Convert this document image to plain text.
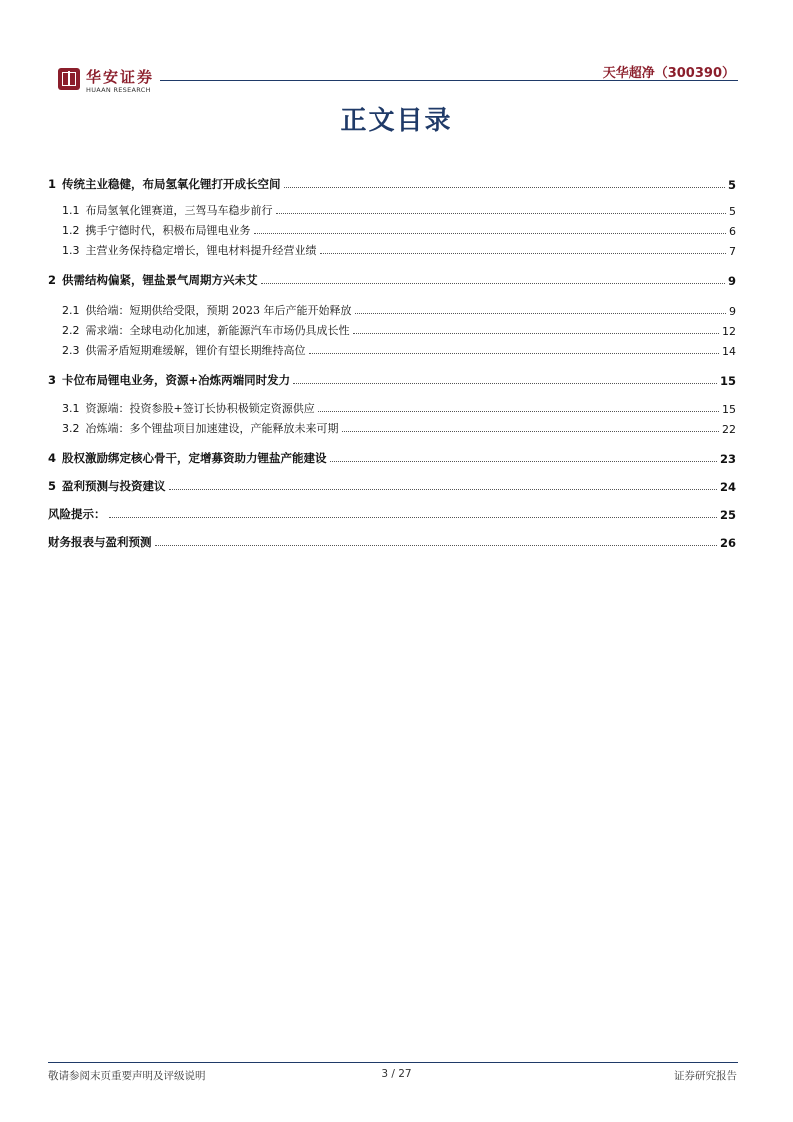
华安证券
HUAAN RESEARCH
天华超净（300390）
正文目录
1 传统主业稳健，布局氢氧化锂打开成长空间	5
1.1 布局氢氧化锂赛道，三驾马车稳步前行	5
1.2 携手宁德时代，积极布局锂电业务	6
1.3 主营业务保持稳定增长，锂电材料提升经营业绩	7
2 供需结构偏紧，锂盐景气周期方兴未艾	9
2.1 供给端：短期供给受限，预期 2023 年后产能开始释放	9
2.2 需求端：全球电动化加速，新能源汽车市场仍具成长性	12
2.3 供需矛盾短期难缓解，锂价有望长期维持高位	14
3 卡位布局锂电业务，资源+冶炼两端同时发力	15
3.1 资源端：投资参股+签订长协积极锁定资源供应	15
3.2 冶炼端：多个锂盐项目加速建设，产能释放未来可期	22
4 股权激励绑定核心骨干，定增募资助力锂盐产能建设	23
5 盈利预测与投资建议	24
风险提示：	25
财务报表与盈利预测	26
敬请参阅末页重要声明及评级说明	3 / 27	证券研究报告
